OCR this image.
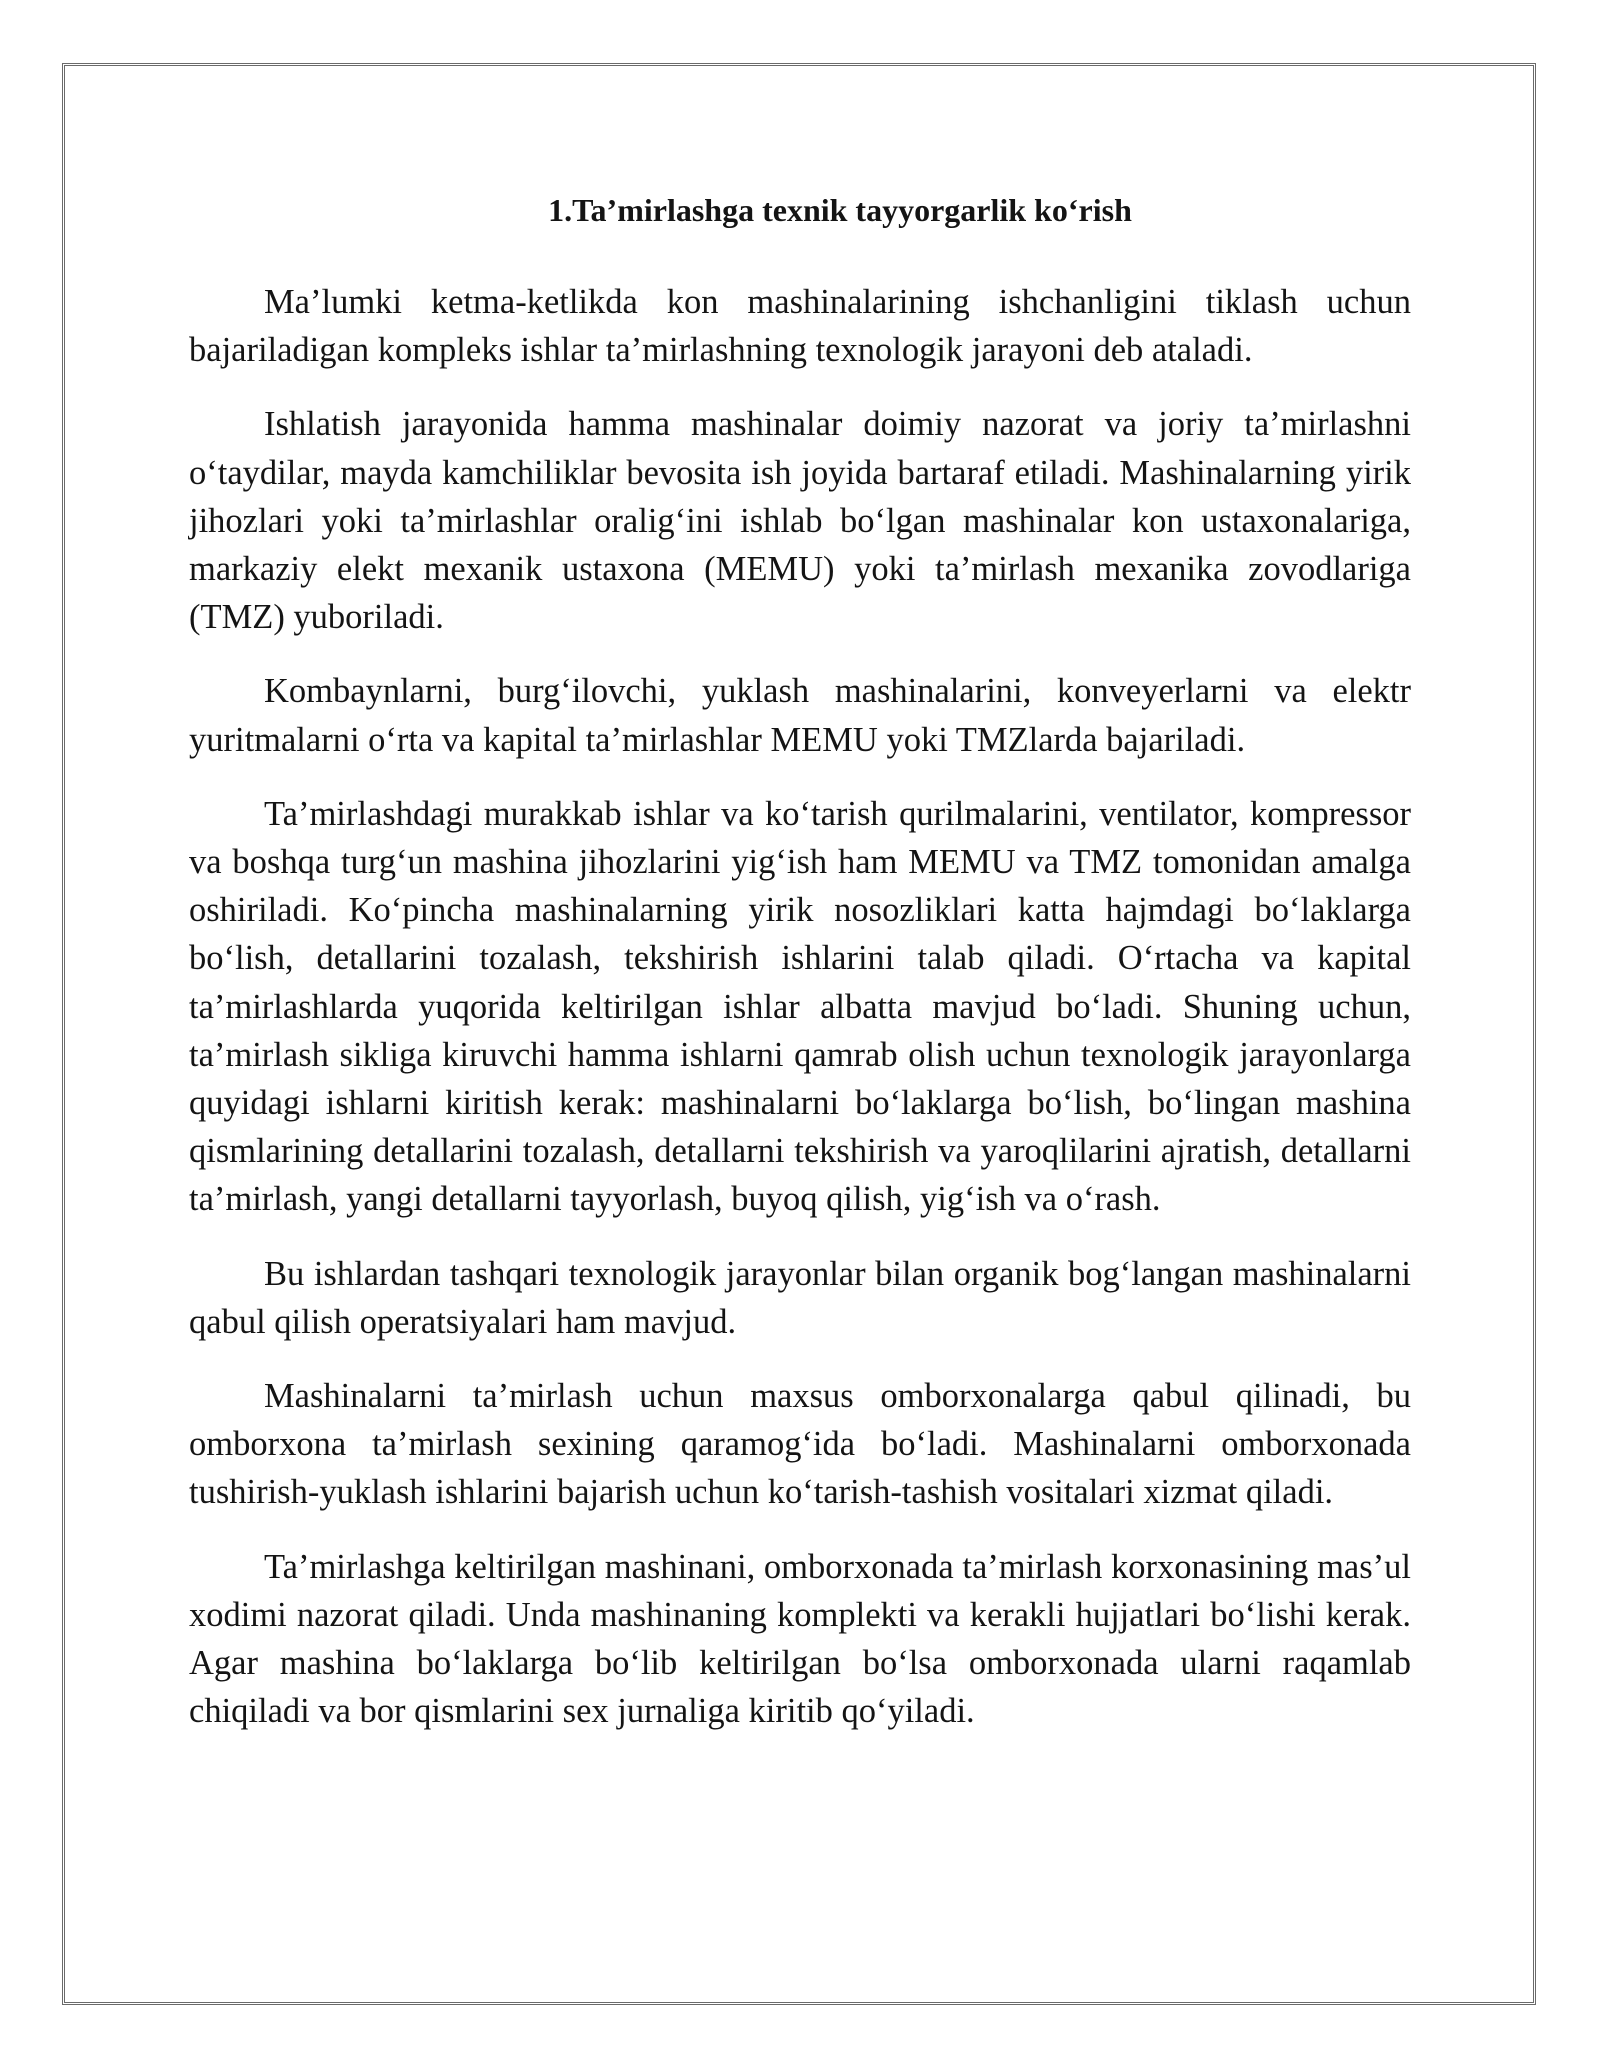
1.Ta’mirlashga texnik tayyorgarlik ko‘rish

Ma’lumki ketma-ketlikda kon mashinalarining ishchanligini tiklash uchun bajariladigan kompleks ishlar ta’mirlashning texnologik jarayoni deb ataladi.

Ishlatish jarayonida hamma mashinalar doimiy nazorat va joriy ta’mirlashni o‘taydilar, mayda kamchiliklar bevosita ish joyida bartaraf etiladi. Mashinalarning yirik jihozlari yoki ta’mirlashlar oralig‘ini ishlab bo‘lgan mashinalar kon ustaxonalariga, markaziy elekt mexanik ustaxona (MEMU) yoki ta’mirlash mexanika zovodlariga (TMZ) yuboriladi.

Kombaynlarni, burg‘ilovchi, yuklash mashinalarini, konveyerlarni va elektr yuritmalarni o‘rta va kapital ta’mirlashlar MEMU yoki TMZlarda bajariladi.

Ta’mirlashdagi murakkab ishlar va ko‘tarish qurilmalarini, ventilator, kompressor va boshqa turg‘un mashina jihozlarini yig‘ish ham MEMU va TMZ tomonidan amalga oshiriladi. Ko‘pincha mashinalarning yirik nosozliklari katta hajmdagi bo‘laklarga bo‘lish, detallarini tozalash, tekshirish ishlarini talab qiladi. O‘rtacha va kapital ta’mirlashlarda yuqorida keltirilgan ishlar albatta mavjud bo‘ladi. Shuning uchun, ta’mirlash sikliga kiruvchi hamma ishlarni qamrab olish uchun texnologik jarayonlarga quyidagi ishlarni kiritish kerak: mashinalarni bo‘laklarga bo‘lish, bo‘lingan mashina qismlarining detallarini tozalash, detallarni tekshirish va yaroqlilarini ajratish, detallarni ta’mirlash, yangi detallarni tayyorlash, buyoq qilish, yig‘ish va o‘rash.

Bu ishlardan tashqari texnologik jarayonlar bilan organik bog‘langan mashinalarni qabul qilish operatsiyalari ham mavjud.

Mashinalarni ta’mirlash uchun maxsus omborxonalarga qabul qilinadi, bu omborxona ta’mirlash sexining qaramog‘ida bo‘ladi. Mashinalarni omborxonada tushirish-yuklash ishlarini bajarish uchun ko‘tarish-tashish vositalari xizmat qiladi.

Ta’mirlashga keltirilgan mashinani, omborxonada ta’mirlash korxonasining mas’ul xodimi nazorat qiladi. Unda mashinaning komplekti va kerakli hujjatlari bo‘lishi kerak. Agar mashina bo‘laklarga bo‘lib keltirilgan bo‘lsa omborxonada ularni raqamlab chiqiladi va bor qismlarini sex jurnaliga kiritib qo‘yiladi.
